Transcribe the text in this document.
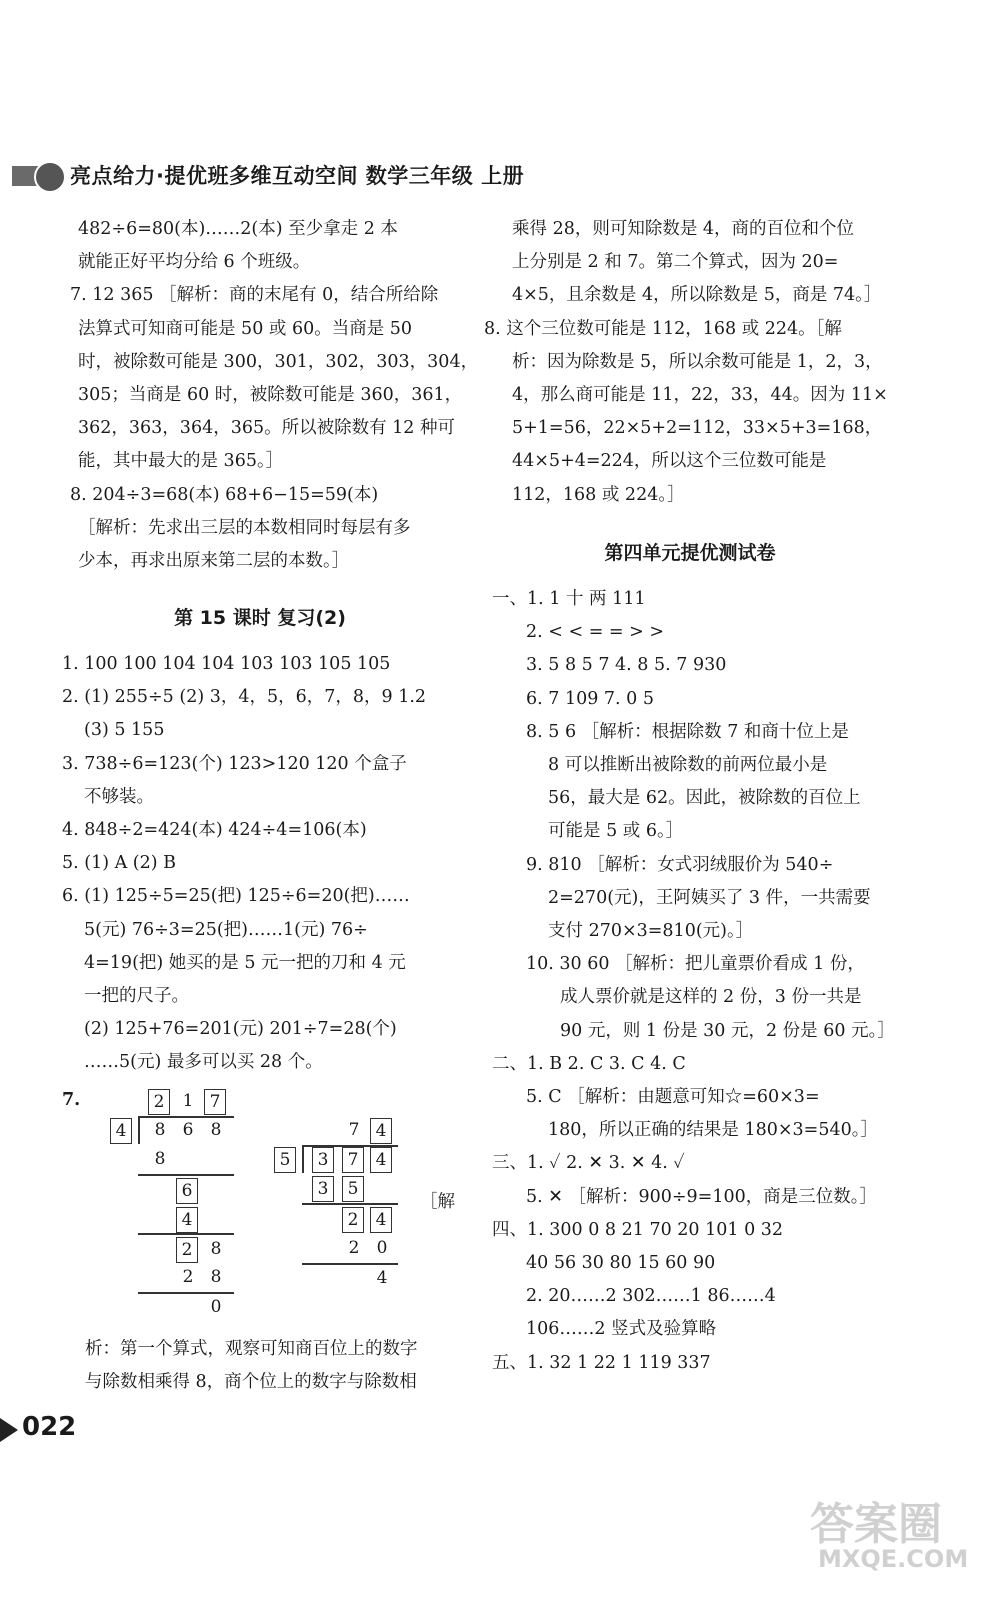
亮点给力·提优班多维互动空间 数学三年级 上册
482÷6=80(本)……2(本) 至少拿走 2 本
就能正好平均分给 6 个班级。
7. 12 365 ［解析：商的末尾有 0，结合所给除
法算式可知商可能是 50 或 60。当商是 50
时，被除数可能是 300，301，302，303，304，
305；当商是 60 时，被除数可能是 360，361，
362，363，364，365。所以被除数有 12 种可
能，其中最大的是 365。］
8. 204÷3=68(本) 68+6−15=59(本)
［解析：先求出三层的本数相同时每层有多
少本，再求出原来第二层的本数。］
第 15 课时 复习(2)
1. 100 100 104 104 103 103 105 105
2. (1) 255÷5 (2) 3，4，5，6，7，8，9 1.2
(3) 5 155
3. 738÷6=123(个) 123>120 120 个盒子
不够装。
4. 848÷2=424(本) 424÷4=106(本)
5. (1) A (2) B
6. (1) 125÷5=25(把) 125÷6=20(把)……
5(元) 76÷3=25(把)……1(元) 76÷
4=19(把) 她买的是 5 元一把的刀和 4 元
一把的尺子。
(2) 125+76=201(元) 201÷7=28(个)
……5(元) 最多可以买 28 个。
7.	2	1 7
4	8	6	8
8
6
4
2	8
2	8
0
7 4
5	3	7	4
3	5
2	4
2	0
4
［解
析：第一个算式，观察可知商百位上的数字
与除数相乘得 8，商个位上的数字与除数相
022
乘得 28，则可知除数是 4，商的百位和个位
上分别是 2 和 7。第二个算式，因为 20=
4×5，且余数是 4，所以除数是 5，商是 74。］
8. 这个三位数可能是 112，168 或 224。［解
析：因为除数是 5，所以余数可能是 1，2，3，
4，那么商可能是 11，22，33，44。因为 11×
5+1=56，22×5+2=112，33×5+3=168，
44×5+4=224，所以这个三位数可能是
112，168 或 224。］
第四单元提优测试卷
一、1. 1 十 两 111
2. < < = = > >
3. 5 8 5 7 4. 8 5. 7 930
6. 7 109 7. 0 5
8. 5 6 ［解析：根据除数 7 和商十位上是
8 可以推断出被除数的前两位最小是
56，最大是 62。因此，被除数的百位上
可能是 5 或 6。］
9. 810 ［解析：女式羽绒服价为 540÷
2=270(元)，王阿姨买了 3 件，一共需要
支付 270×3=810(元)。］
10. 30 60 ［解析：把儿童票价看成 1 份，
成人票价就是这样的 2 份，3 份一共是
90 元，则 1 份是 30 元，2 份是 60 元。］
二、1. B 2. C 3. C 4. C
5. C ［解析：由题意可知☆=60×3=
180，所以正确的结果是 180×3=540。］
三、1. ✓ 2. ✕ 3. ✕ 4. ✓
5. ✕ ［解析：900÷9=100，商是三位数。］
四、1. 300 0 8 21 70 20 101 0 32
40 56 30 80 15 60 90
2. 20……2 302……1 86……4
106……2 竖式及验算略
五、1. 32 1 22 1 119 337
答案圈
MXQE.COM
